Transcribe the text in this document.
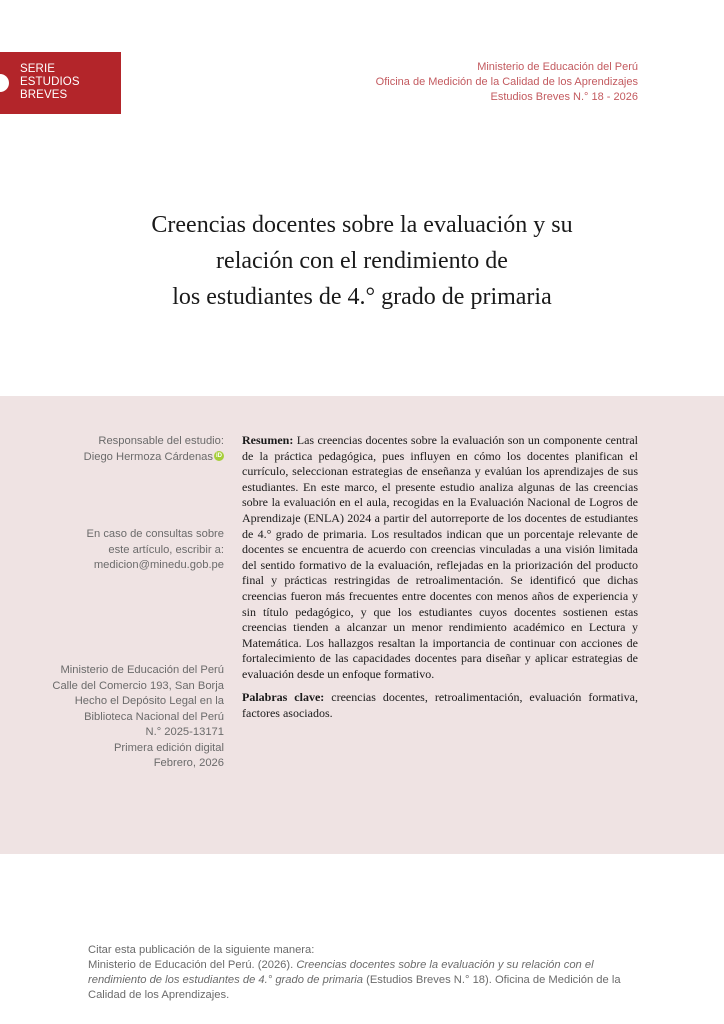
SERIE
ESTUDIOS
BREVES
Ministerio de Educación del Perú
Oficina de Medición de la Calidad de los Aprendizajes
Estudios Breves N.° 18 - 2026
Creencias docentes sobre la evaluación y su
relación con el rendimiento de
los estudiantes de 4.° grado de primaria
Responsable del estudio:
Diego Hermoza Cárdenas iD
En caso de consultas sobre
este artículo, escribir a:
medicion@minedu.gob.pe
Ministerio de Educación del Perú
Calle del Comercio 193, San Borja
Hecho el Depósito Legal en la
Biblioteca Nacional del Perú
N.° 2025-13171
Primera edición digital
Febrero, 2026
Resumen: Las creencias docentes sobre la evaluación son un componente central de la práctica pedagógica, pues influyen en cómo los docentes planifican el currículo, seleccionan estrategias de enseñanza y evalúan los aprendizajes de sus estudiantes. En este marco, el presente estudio analiza algunas de las creencias sobre la evaluación en el aula, recogidas en la Evaluación Nacional de Logros de Aprendizaje (ENLA) 2024 a partir del autorreporte de los docentes de estudiantes de 4.° grado de primaria. Los resultados indican que un porcentaje relevante de docentes se encuentra de acuerdo con creencias vinculadas a una visión limitada del sentido formativo de la evaluación, reflejadas en la priorización del producto final y prácticas restringidas de retroalimentación. Se identificó que dichas creencias fueron más frecuentes entre docentes con menos años de experiencia y sin título pedagógico, y que los estudiantes cuyos docentes sostienen estas creencias tienden a alcanzar un menor rendimiento académico en Lectura y Matemática. Los hallazgos resaltan la importancia de continuar con acciones de fortalecimiento de las capacidades docentes para diseñar y aplicar estrategias de evaluación desde un enfoque formativo.
Palabras clave: creencias docentes, retroalimentación, evaluación formativa, factores asociados.
Citar esta publicación de la siguiente manera:
Ministerio de Educación del Perú. (2026). Creencias docentes sobre la evaluación y su relación con el rendimiento de los estudiantes de 4.° grado de primaria (Estudios Breves N.° 18). Oficina de Medición de la Calidad de los Aprendizajes.
